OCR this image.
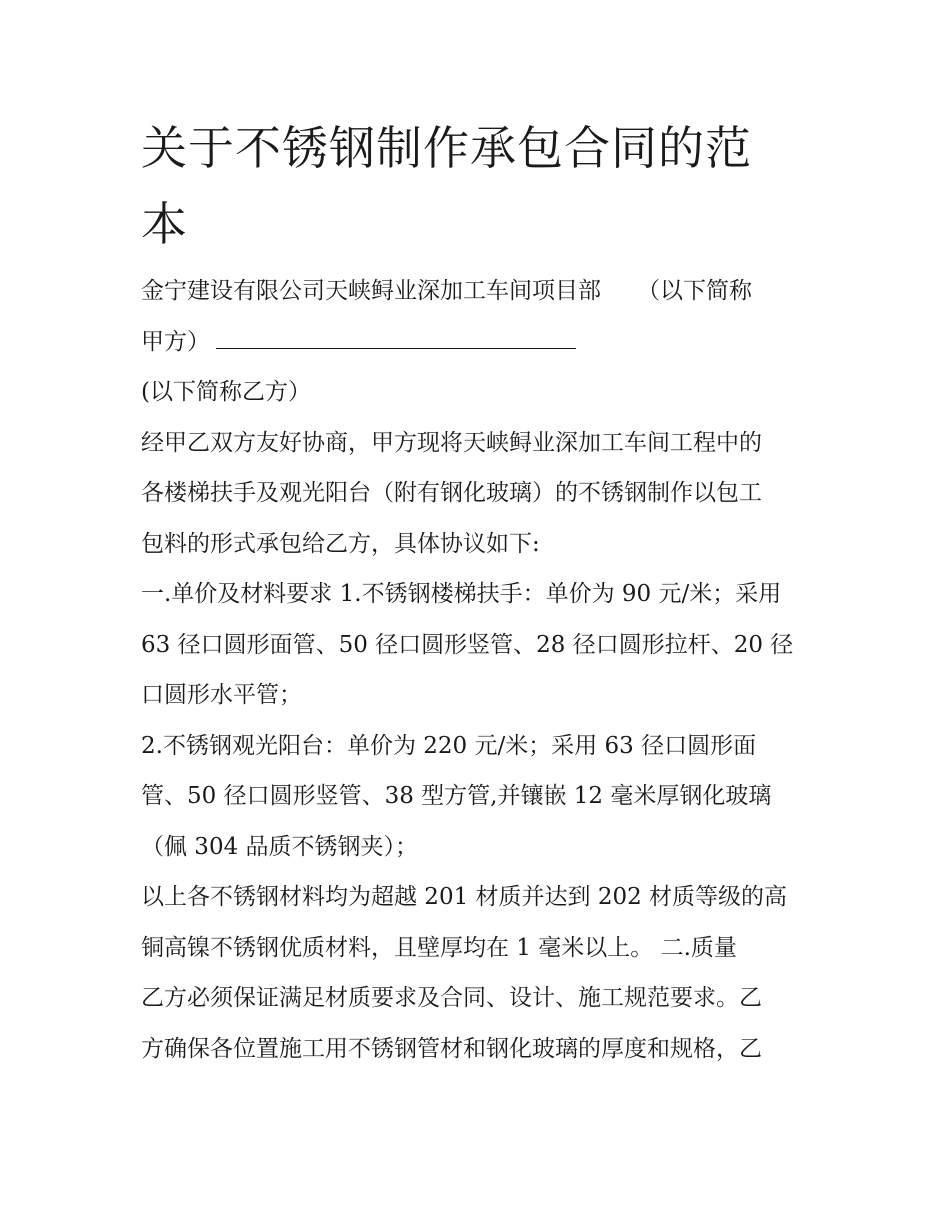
关于不锈钢制作承包合同的范
本
金宁建设有限公司天峡鲟业深加工车间项目部 （以下简称
甲方）
(以下简称乙方）
经甲乙双方友好协商，甲方现将天峡鲟业深加工车间工程中的
各楼梯扶手及观光阳台（附有钢化玻璃）的不锈钢制作以包工
包料的形式承包给乙方，具体协议如下:
一.单价及材料要求 1.不锈钢楼梯扶手：单价为 90 元/米；采用
63 径口圆形面管、50 径口圆形竖管、28 径口圆形拉杆、20 径
口圆形水平管；
2.不锈钢观光阳台：单价为 220 元/米；采用 63 径口圆形面
管、50 径口圆形竖管、38 型方管,并镶嵌 12 毫米厚钢化玻璃
（佩 304 品质不锈钢夹）；
以上各不锈钢材料均为超越 201 材质并达到 202 材质等级的高
铜高镍不锈钢优质材料，且壁厚均在 1 毫米以上。 二.质量
乙方必须保证满足材质要求及合同、设计、施工规范要求。乙
方确保各位置施工用不锈钢管材和钢化玻璃的厚度和规格，乙
